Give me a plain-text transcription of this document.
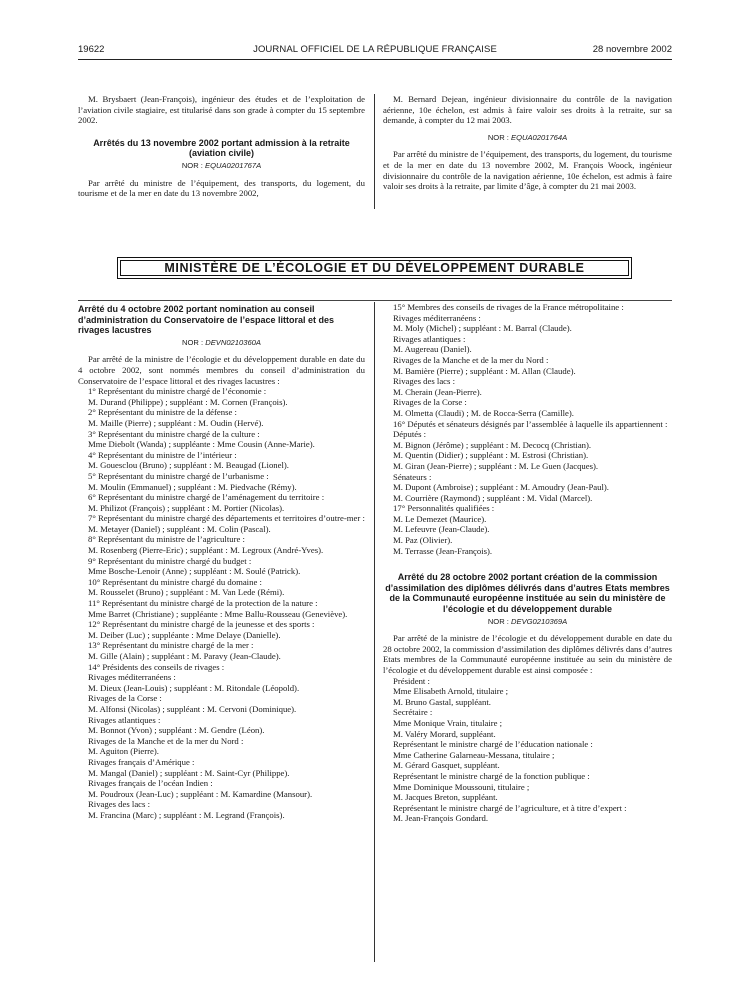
19622	JOURNAL OFFICIEL DE LA RÉPUBLIQUE FRANÇAISE	28 novembre 2002

M. Brysbaert (Jean-François), ingénieur des études et de l’exploitation de l’aviation civile stagiaire, est titularisé dans son grade à compter du 15 septembre 2002.

Arrêtés du 13 novembre 2002 portant admission à la retraite (aviation civile)

NOR : EQUA0201767A

Par arrêté du ministre de l’équipement, des transports, du logement, du tourisme et de la mer en date du 13 novembre 2002,

M. Bernard Dejean, ingénieur divisionnaire du contrôle de la navigation aérienne, 10e échelon, est admis à faire valoir ses droits à la retraite, sur sa demande, à compter du 12 mai 2003.

NOR : EQUA0201764A

Par arrêté du ministre de l’équipement, des transports, du logement, du tourisme et de la mer en date du 13 novembre 2002, M. François Woock, ingénieur divisionnaire du contrôle de la navigation aérienne, 10e échelon, est admis à faire valoir ses droits à la retraite, par limite d’âge, à compter du 21 mai 2003.

MINISTÈRE DE L’ÉCOLOGIE ET DU DÉVELOPPEMENT DURABLE

Arrêté du 4 octobre 2002 portant nomination au conseil d’administration du Conservatoire de l’espace littoral et des rivages lacustres

NOR : DEVN0210360A

Par arrêté de la ministre de l’écologie et du développement durable en date du 4 octobre 2002, sont nommés membres du conseil d’administration du Conservatoire de l’espace littoral et des rivages lacustres :

1° Représentant du ministre chargé de l’économie :

M. Durand (Philippe) ; suppléant : M. Cornen (François).

2° Représentant du ministre de la défense :

M. Maille (Pierre) ; suppléant : M. Oudin (Hervé).

3° Représentant du ministre chargé de la culture :

Mme Diebolt (Wanda) ; suppléante : Mme Cousin (Anne-Marie).

4° Représentant du ministre de l’intérieur :

M. Gouesclou (Bruno) ; suppléant : M. Beaugad (Lionel).

5° Représentant du ministre chargé de l’urbanisme :

M. Moulin (Emmanuel) ; suppléant : M. Piedvache (Rémy).

6° Représentant du ministre chargé de l’aménagement du territoire :

M. Philizot (François) ; suppléant : M. Portier (Nicolas).

7° Représentant du ministre chargé des départements et territoires d’outre-mer :

M. Metayer (Daniel) ; suppléant : M. Colin (Pascal).

8° Représentant du ministre de l’agriculture :

M. Rosenberg (Pierre-Eric) ; suppléant : M. Legroux (André-Yves).

9° Représentant du ministre chargé du budget :

Mme Bosche-Lenoir (Anne) ; suppléant : M. Soulé (Patrick).

10° Représentant du ministre chargé du domaine :

M. Rousselet (Bruno) ; suppléant : M. Van Lede (Rémi).

11° Représentant du ministre chargé de la protection de la nature :

Mme Barret (Christiane) ; suppléante : Mme Ballu-Rousseau (Geneviève).

12° Représentant du ministre chargé de la jeunesse et des sports :

M. Deiber (Luc) ; suppléante : Mme Delaye (Danielle).

13° Représentant du ministre chargé de la mer :

M. Gille (Alain) ; suppléant : M. Paravy (Jean-Claude).

14° Présidents des conseils de rivages :

Rivages méditerranéens :

M. Dieux (Jean-Louis) ; suppléant : M. Ritondale (Léopold).

Rivages de la Corse :

M. Alfonsi (Nicolas) ; suppléant : M. Cervoni (Dominique).

Rivages atlantiques :

M. Bonnot (Yvon) ; suppléant : M. Gendre (Léon).

Rivages de la Manche et de la mer du Nord :

M. Aguiton (Pierre).

Rivages français d’Amérique :

M. Mangal (Daniel) ; suppléant : M. Saint-Cyr (Philippe).

Rivages français de l’océan Indien :

M. Poudroux (Jean-Luc) ; suppléant : M. Kamardine (Mansour).

Rivages des lacs :

M. Francina (Marc) ; suppléant : M. Legrand (François).

15° Membres des conseils de rivages de la France métropolitaine :

Rivages méditerranéens :

M. Moly (Michel) ; suppléant : M. Barral (Claude).

Rivages atlantiques :

M. Augereau (Daniel).

Rivages de la Manche et de la mer du Nord :

M. Bamière (Pierre) ; suppléant : M. Allan (Claude).

Rivages des lacs :

M. Cherain (Jean-Pierre).

Rivages de la Corse :

M. Olmetta (Claudi) ; M. de Rocca-Serra (Camille).

16° Députés et sénateurs désignés par l’assemblée à laquelle ils appartiennent :

Députés :

M. Bignon (Jérôme) ; suppléant : M. Decocq (Christian).

M. Quentin (Didier) ; suppléant : M. Estrosi (Christian).

M. Giran (Jean-Pierre) ; suppléant : M. Le Guen (Jacques).

Sénateurs :

M. Dupont (Ambroise) ; suppléant : M. Amoudry (Jean-Paul).

M. Courrière (Raymond) ; suppléant : M. Vidal (Marcel).

17° Personnalités qualifiées :

M. Le Demezet (Maurice).

M. Lefeuvre (Jean-Claude).

M. Paz (Olivier).

M. Terrasse (Jean-François).

Arrêté du 28 octobre 2002 portant création de la commission d’assimilation des diplômes délivrés dans d’autres Etats membres de la Communauté européenne instituée au sein du ministère de l’écologie et du développement durable

NOR : DEVG0210369A

Par arrêté de la ministre de l’écologie et du développement durable en date du 28 octobre 2002, la commission d’assimilation des diplômes délivrés dans d’autres Etats membres de la Communauté européenne instituée au sein du ministère de l’écologie et du développement durable est ainsi composée :

Président :

Mme Elisabeth Arnold, titulaire ;

M. Bruno Gastal, suppléant.

Secrétaire :

Mme Monique Vrain, titulaire ;

M. Valéry Morard, suppléant.

Représentant le ministre chargé de l’éducation nationale :

Mme Catherine Galarneau-Messana, titulaire ;

M. Gérard Gasquet, suppléant.

Représentant le ministre chargé de la fonction publique :

Mme Dominique Moussouni, titulaire ;

M. Jacques Breton, suppléant.

Représentant le ministre chargé de l’agriculture, et à titre d’expert :

M. Jean-François Gondard.
